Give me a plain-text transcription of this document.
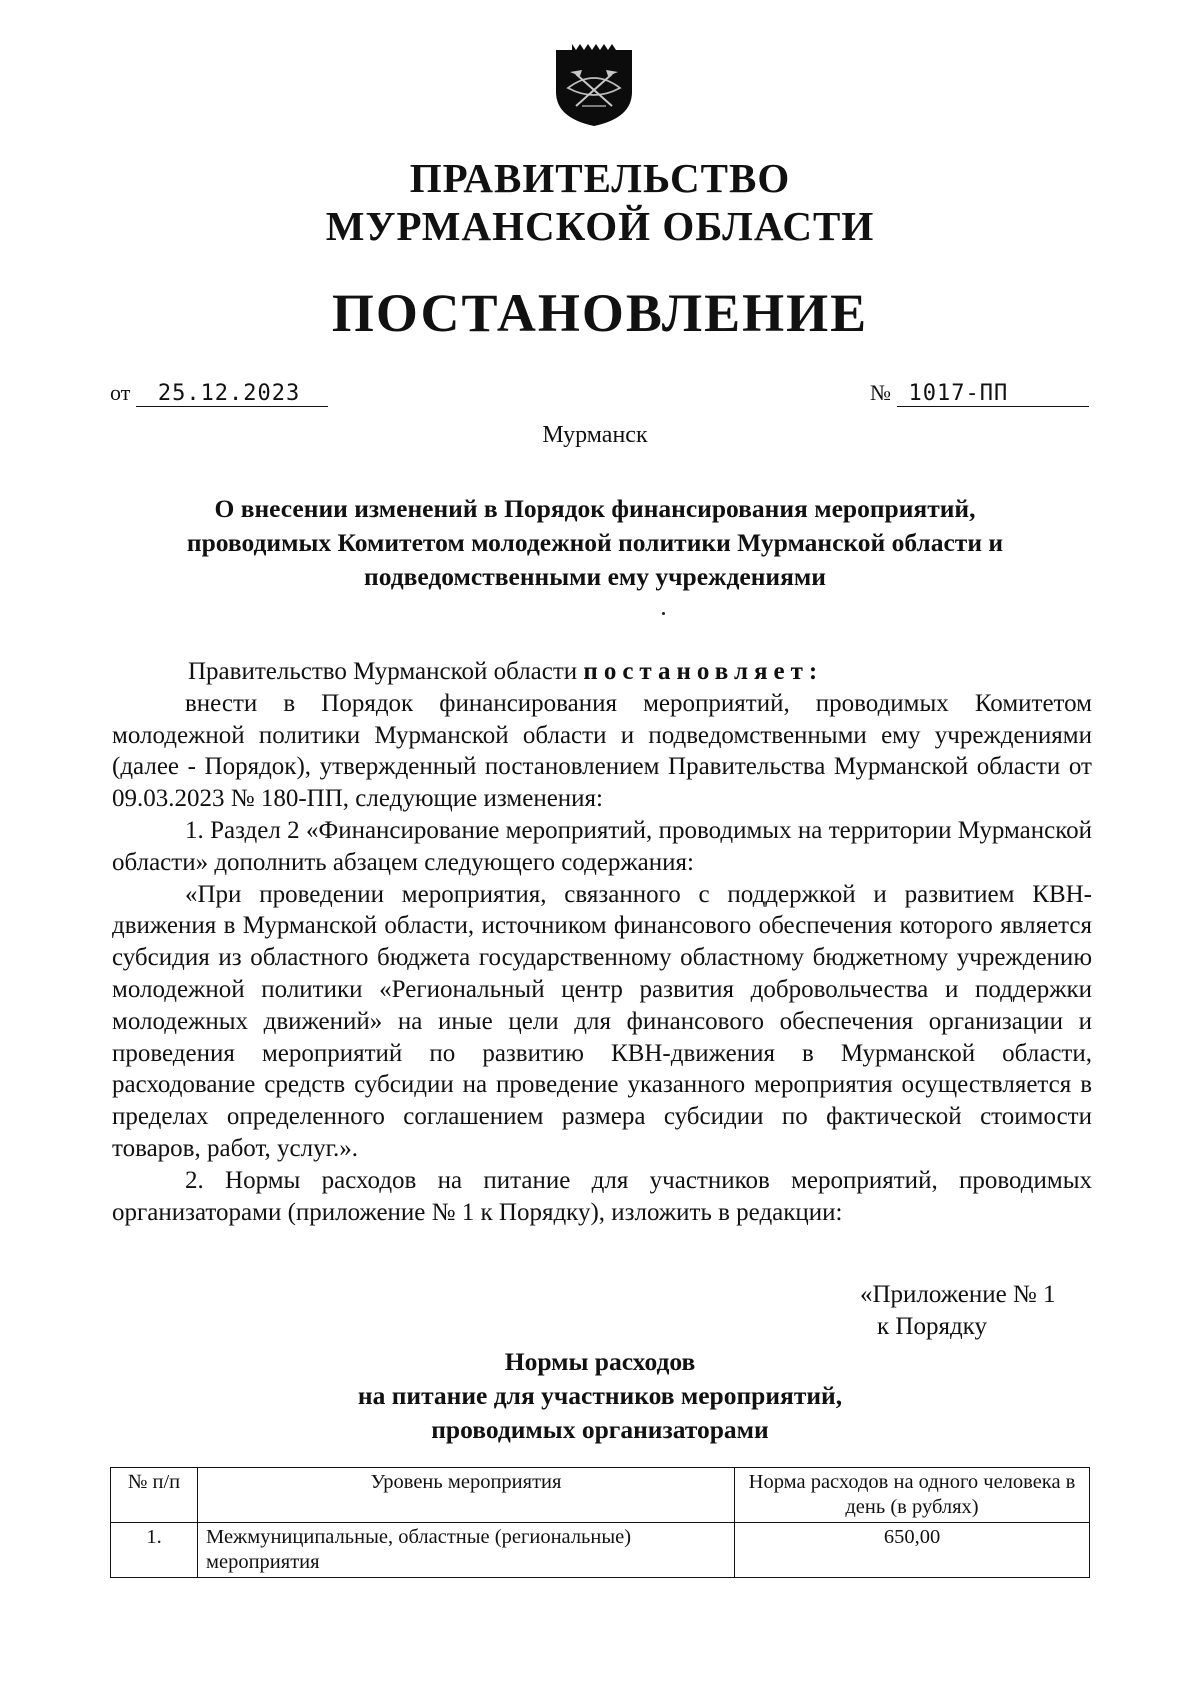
ПРАВИТЕЛЬСТВО
МУРМАНСКОЙ ОБЛАСТИ
ПОСТАНОВЛЕНИЕ
от 25.12.2023	№ 1017-ПП
Мурманск
О внесении изменений в Порядок финансирования мероприятий,
проводимых Комитетом молодежной политики Мурманской области и
подведомственными ему учреждениями

Правительство Мурманской области постановляет:

внести в Порядок финансирования мероприятий, проводимых Комитетом молодежной политики Мурманской области и подведомственными ему учреждениями (далее - Порядок), утвержденный постановлением Правительства Мурманской области от 09.03.2023 № 180-ПП, следующие изменения:

1. Раздел 2 «Финансирование мероприятий, проводимых на территории Мурманской области» дополнить абзацем следующего содержания:

«При проведении мероприятия, связанного с поддержкой и развитием КВН-движения в Мурманской области, источником финансового обеспечения которого является субсидия из областного бюджета государственному областному бюджетному учреждению молодежной политики «Региональный центр развития добровольчества и поддержки молодежных движений» на иные цели для финансового обеспечения организации и проведения мероприятий по развитию КВН-движения в Мурманской области, расходование средств субсидии на проведение указанного мероприятия осуществляется в пределах определенного соглашением размера субсидии по фактической стоимости товаров, работ, услуг.».

2. Нормы расходов на питание для участников мероприятий, проводимых организаторами (приложение № 1 к Порядку), изложить в редакции:

«Приложение № 1
к Порядку
Нормы расходов
на питание для участников мероприятий,
проводимых организаторами
№ п/п	Уровень мероприятия	Норма расходов на одного человека в день (в рублях)
1.	Межмуниципальные, областные (региональные) мероприятия	650,00
